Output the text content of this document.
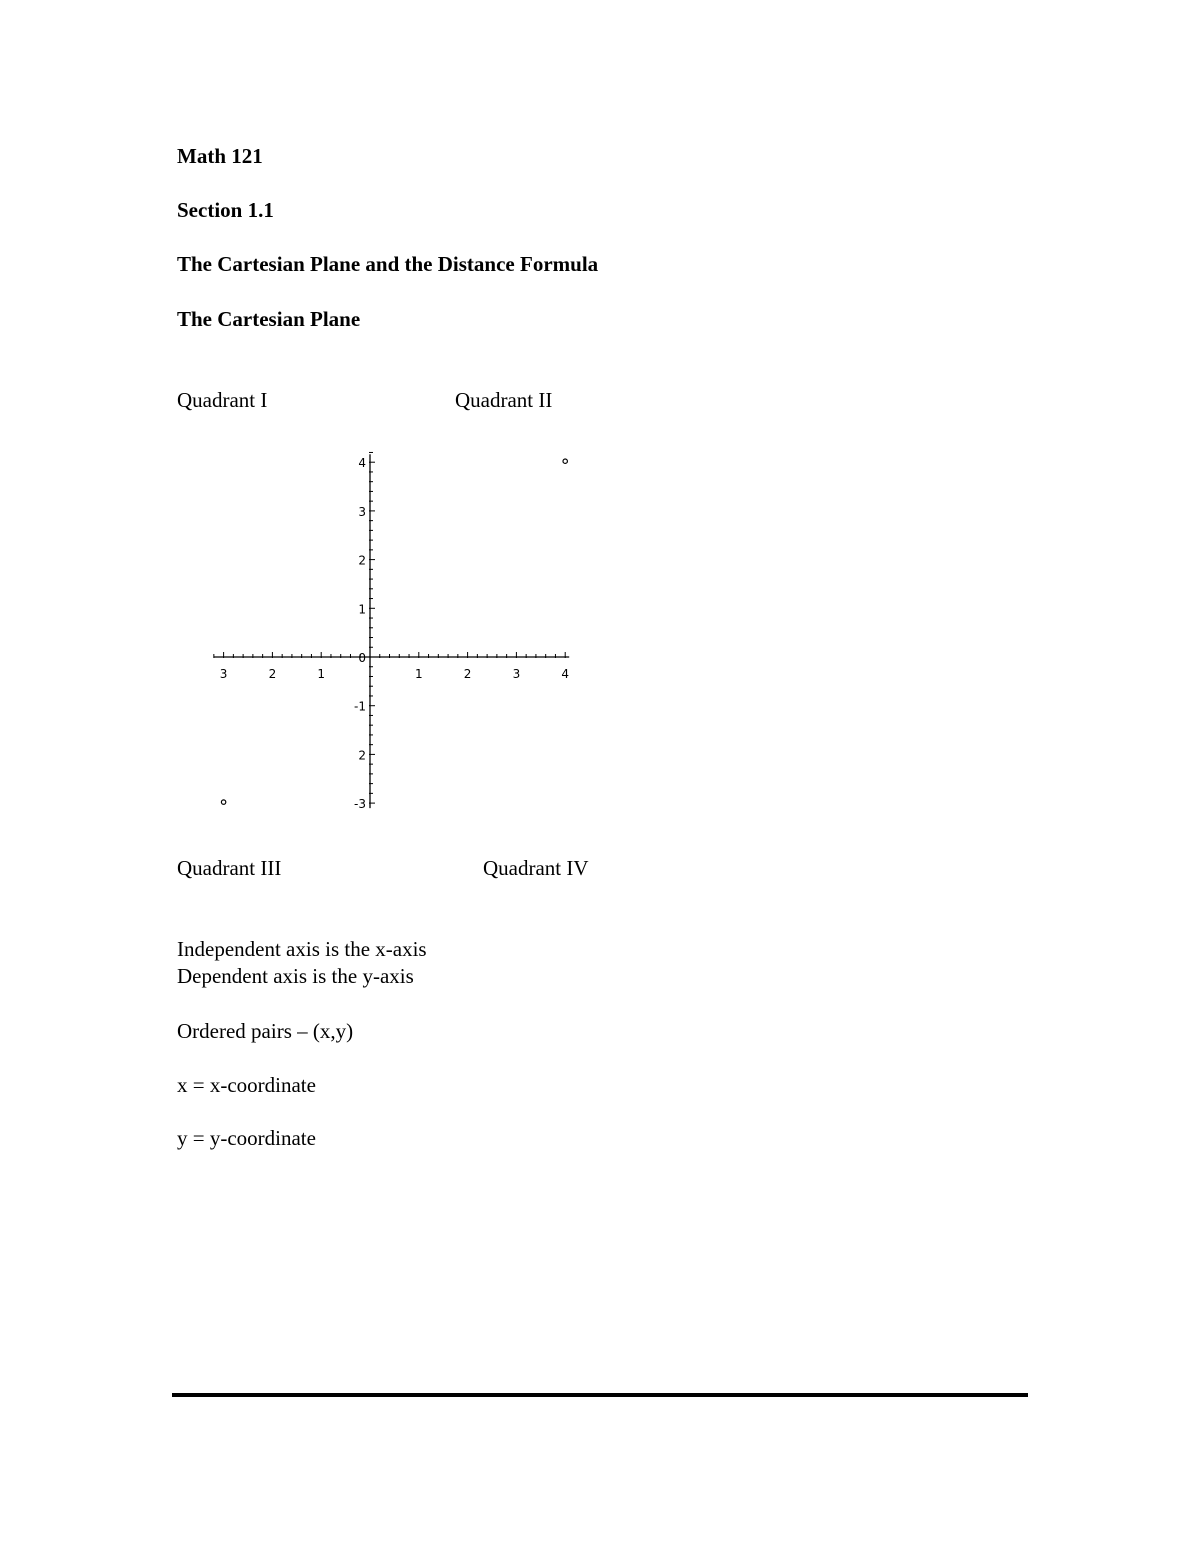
Math 121
Section 1.1
The Cartesian Plane and the Distance Formula
The Cartesian Plane
Quadrant I	Quadrant II
3	2	1	1	2	3	4
4
3
2
1
0
-1
2
-3
Quadrant III	Quadrant IV
Independent axis is the x-axis
Dependent axis is the y-axis
Ordered pairs – (x,y)
x = x-coordinate
y = y-coordinate
